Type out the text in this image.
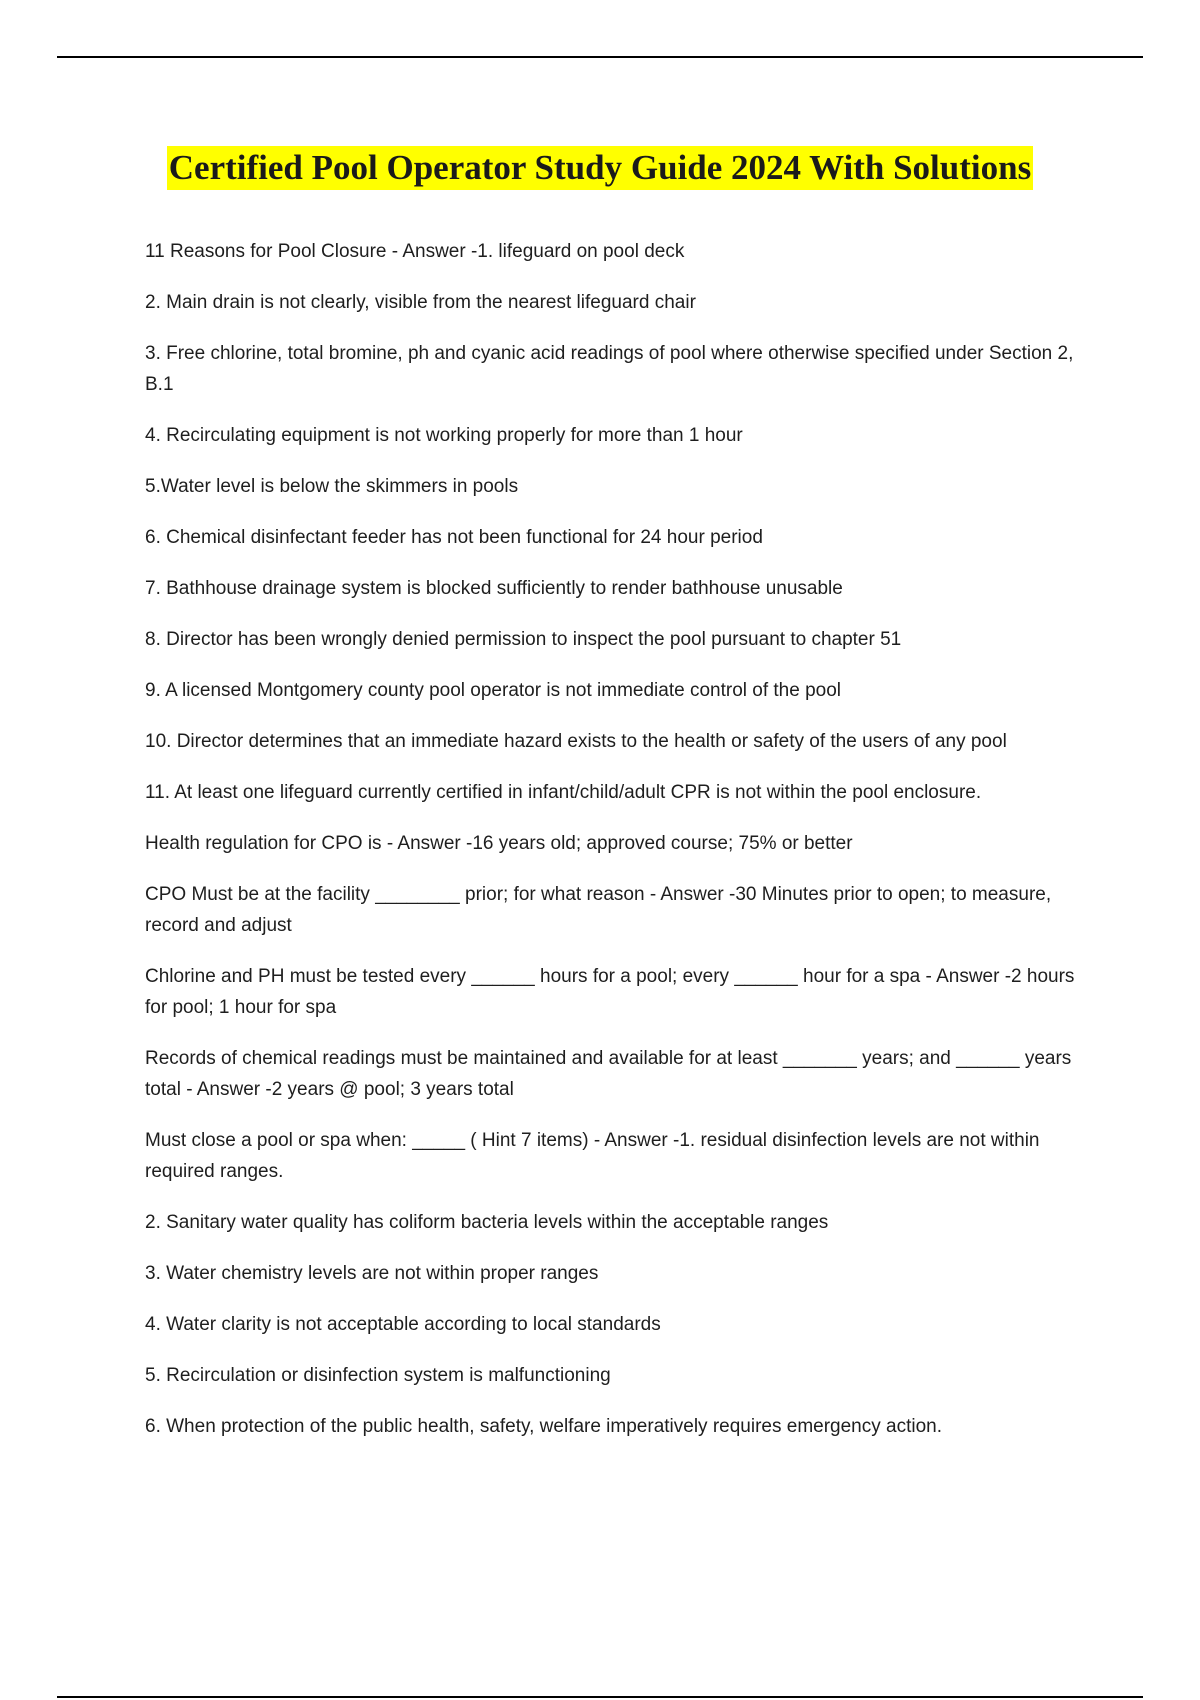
Certified Pool Operator Study Guide 2024 With Solutions

11 Reasons for Pool Closure - Answer -1. lifeguard on pool deck

2. Main drain is not clearly, visible from the nearest lifeguard chair

3. Free chlorine, total bromine, ph and cyanic acid readings of pool where otherwise specified under Section 2, B.1

4. Recirculating equipment is not working properly for more than 1 hour

5.Water level is below the skimmers in pools

6. Chemical disinfectant feeder has not been functional for 24 hour period

7. Bathhouse drainage system is blocked sufficiently to render bathhouse unusable

8. Director has been wrongly denied permission to inspect the pool pursuant to chapter 51

9. A licensed Montgomery county pool operator is not immediate control of the pool

10. Director determines that an immediate hazard exists to the health or safety of the users of any pool

11. At least one lifeguard currently certified in infant/child/adult CPR is not within the pool enclosure.

Health regulation for CPO is - Answer -16 years old; approved course; 75% or better

CPO Must be at the facility ________ prior; for what reason - Answer -30 Minutes prior to open; to measure, record and adjust

Chlorine and PH must be tested every ______ hours for a pool; every ______ hour for a spa - Answer -2 hours for pool; 1 hour for spa

Records of chemical readings must be maintained and available for at least _______ years; and ______ years total - Answer -2 years @ pool; 3 years total

Must close a pool or spa when: _____ ( Hint 7 items) - Answer -1. residual disinfection levels are not within required ranges.

2. Sanitary water quality has coliform bacteria levels within the acceptable ranges

3. Water chemistry levels are not within proper ranges

4. Water clarity is not acceptable according to local standards

5. Recirculation or disinfection system is malfunctioning

6. When protection of the public health, safety, welfare imperatively requires emergency action.
